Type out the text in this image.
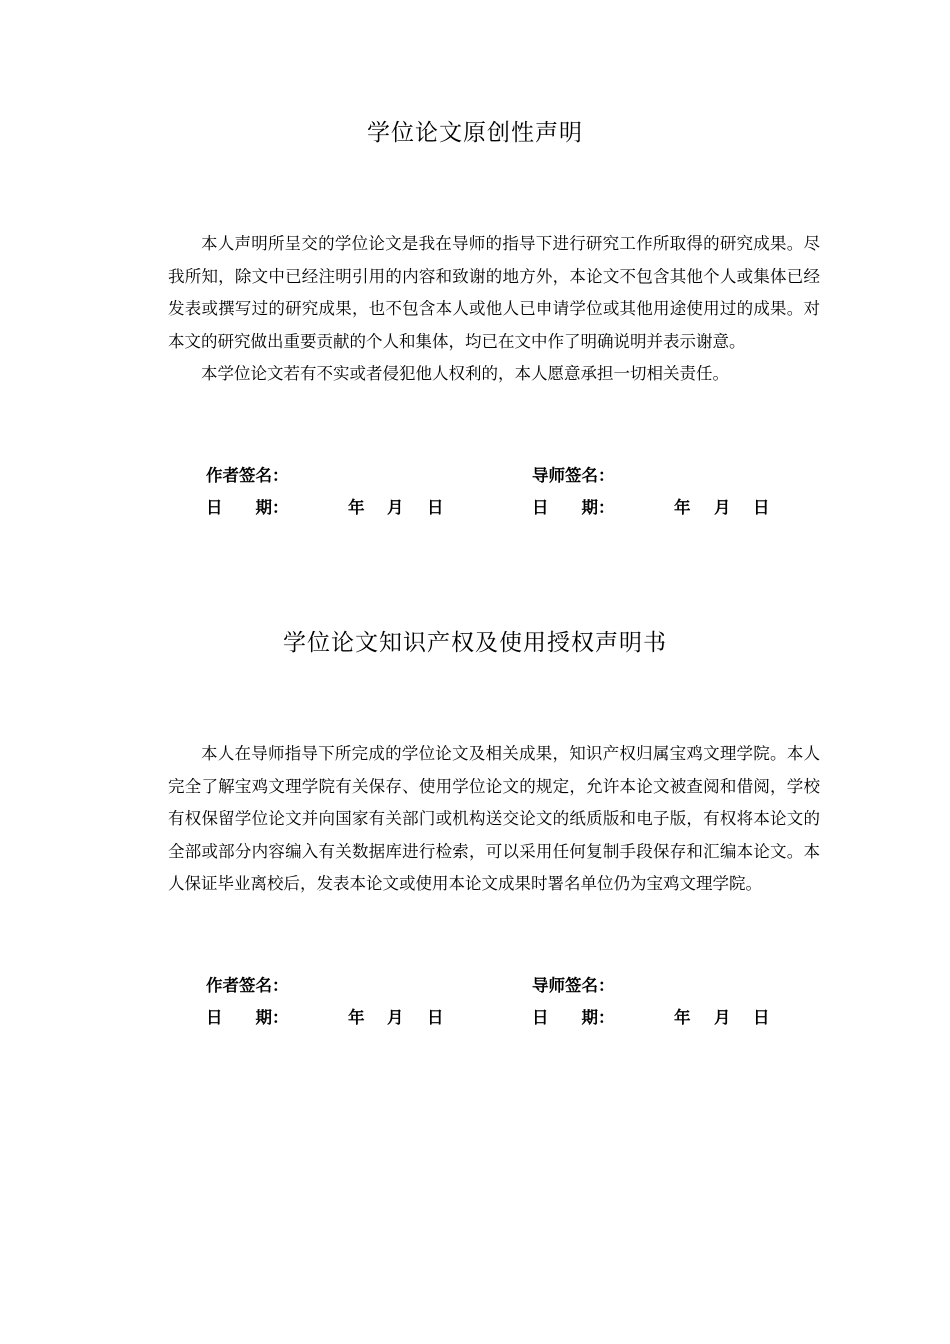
学位论文原创性声明

本人声明所呈交的学位论文是我在导师的指导下进行研究工作所取得的研究成果。尽我所知，除文中已经注明引用的内容和致谢的地方外，本论文不包含其他个人或集体已经发表或撰写过的研究成果，也不包含本人或他人已申请学位或其他用途使用过的成果。对本文的研究做出重要贡献的个人和集体，均已在文中作了明确说明并表示谢意。

本学位论文若有不实或者侵犯他人权利的，本人愿意承担一切相关责任。

作者签名：	导师签名：
日　　期：	年 月 日	日　　期：	年 月 日
学位论文知识产权及使用授权声明书

本人在导师指导下所完成的学位论文及相关成果，知识产权归属宝鸡文理学院。本人完全了解宝鸡文理学院有关保存、使用学位论文的规定，允许本论文被查阅和借阅，学校有权保留学位论文并向国家有关部门或机构送交论文的纸质版和电子版，有权将本论文的全部或部分内容编入有关数据库进行检索，可以采用任何复制手段保存和汇编本论文。本人保证毕业离校后，发表本论文或使用本论文成果时署名单位仍为宝鸡文理学院。

作者签名：	导师签名：
日　　期：	年 月 日	日　　期：	年 月 日
